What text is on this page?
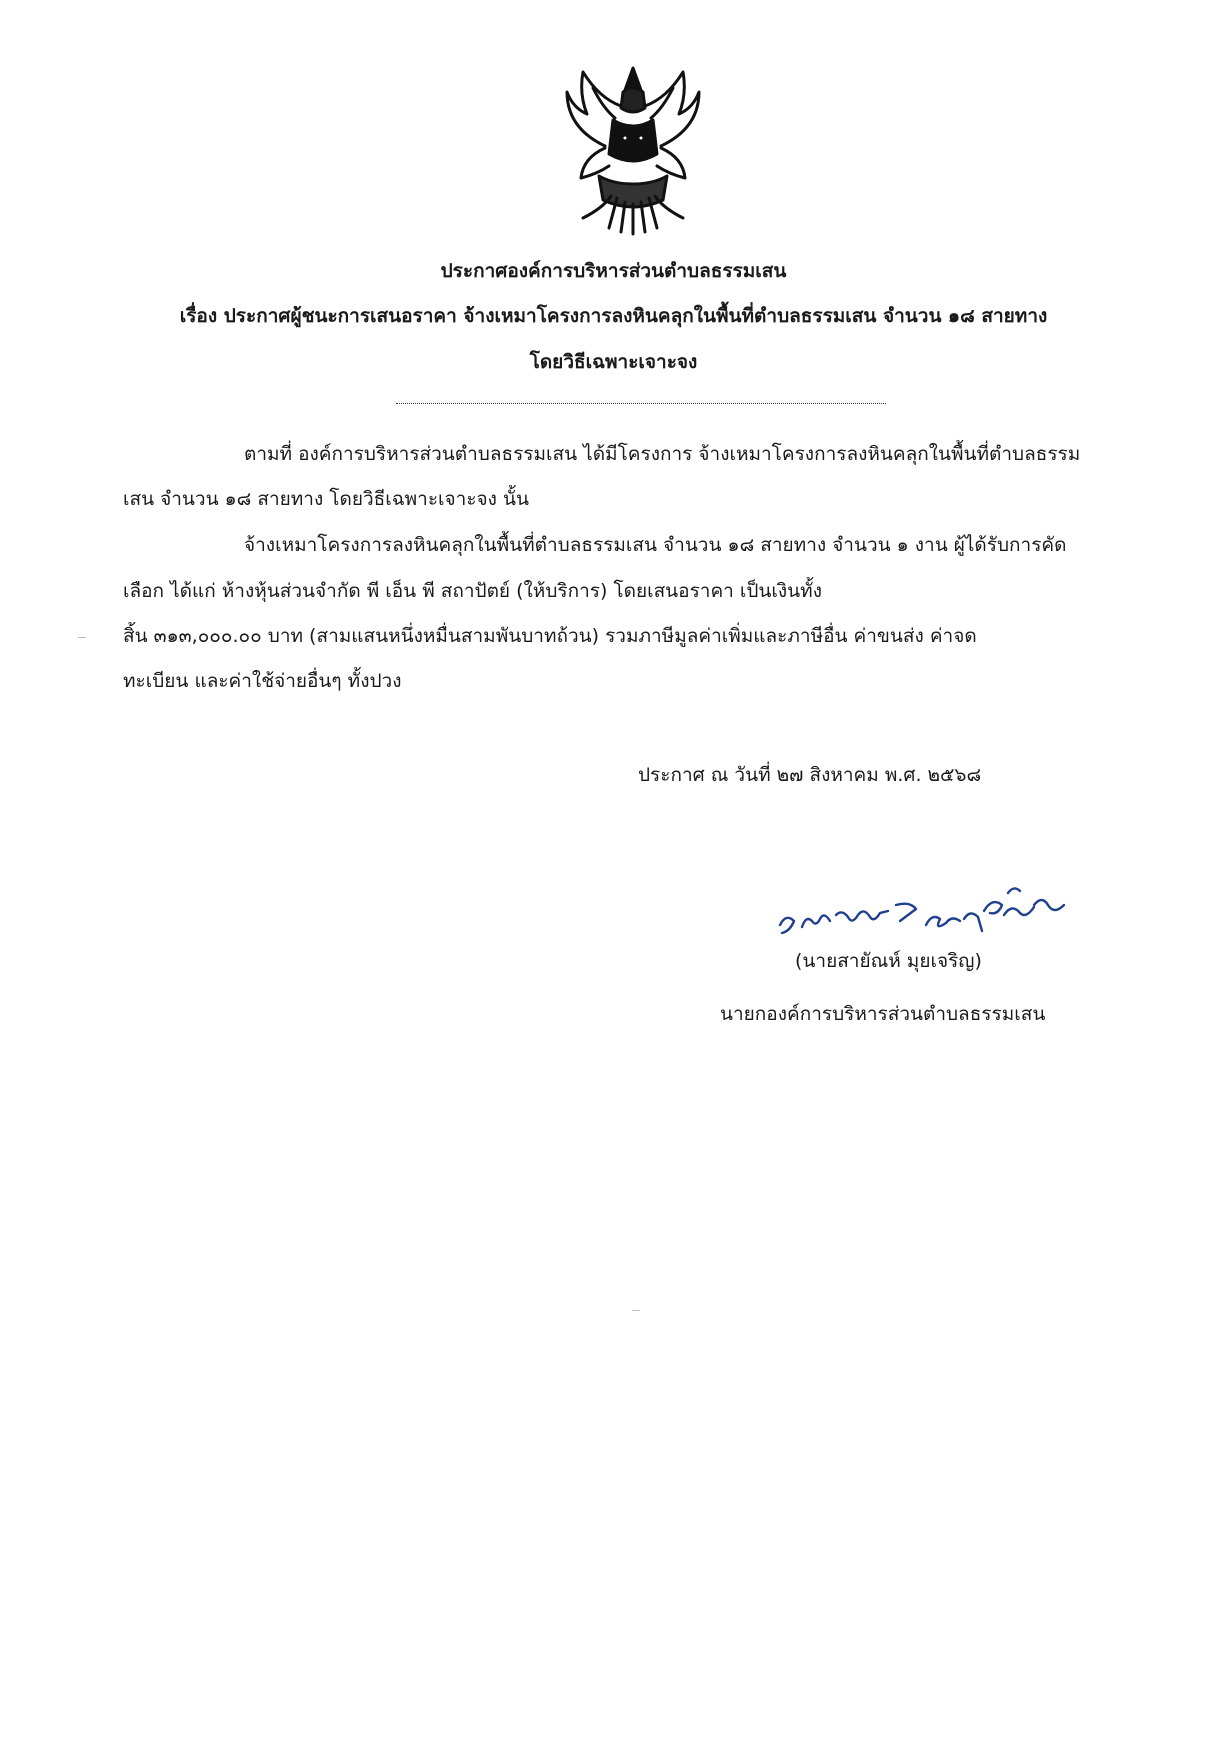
ประกาศองค์การบริหารส่วนตำบลธรรมเสน
เรื่อง ประกาศผู้ชนะการเสนอราคา จ้างเหมาโครงการลงหินคลุกในพื้นที่ตำบลธรรมเสน จำนวน ๑๘ สายทาง
โดยวิธีเฉพาะเจาะจง
ตามที่ องค์การบริหารส่วนตำบลธรรมเสน ได้มีโครงการ จ้างเหมาโครงการลงหินคลุกในพื้นที่ตำบลธรรม
เสน จำนวน ๑๘ สายทาง โดยวิธีเฉพาะเจาะจง นั้น
จ้างเหมาโครงการลงหินคลุกในพื้นที่ตำบลธรรมเสน จำนวน ๑๘ สายทาง จำนวน ๑ งาน ผู้ได้รับการคัด
เลือก ได้แก่ ห้างหุ้นส่วนจำกัด พี เอ็น พี สถาปัตย์ (ให้บริการ) โดยเสนอราคา เป็นเงินทั้ง
สิ้น ๓๑๓,๐๐๐.๐๐ บาท (สามแสนหนึ่งหมื่นสามพันบาทถ้วน) รวมภาษีมูลค่าเพิ่มและภาษีอื่น ค่าขนส่ง ค่าจด
ทะเบียน และค่าใช้จ่ายอื่นๆ ทั้งปวง
ประกาศ ณ วันที่ ๒๗ สิงหาคม พ.ศ. ๒๕๖๘
(นายสายัณห์ มุยเจริญ)
นายกองค์การบริหารส่วนตำบลธรรมเสน
